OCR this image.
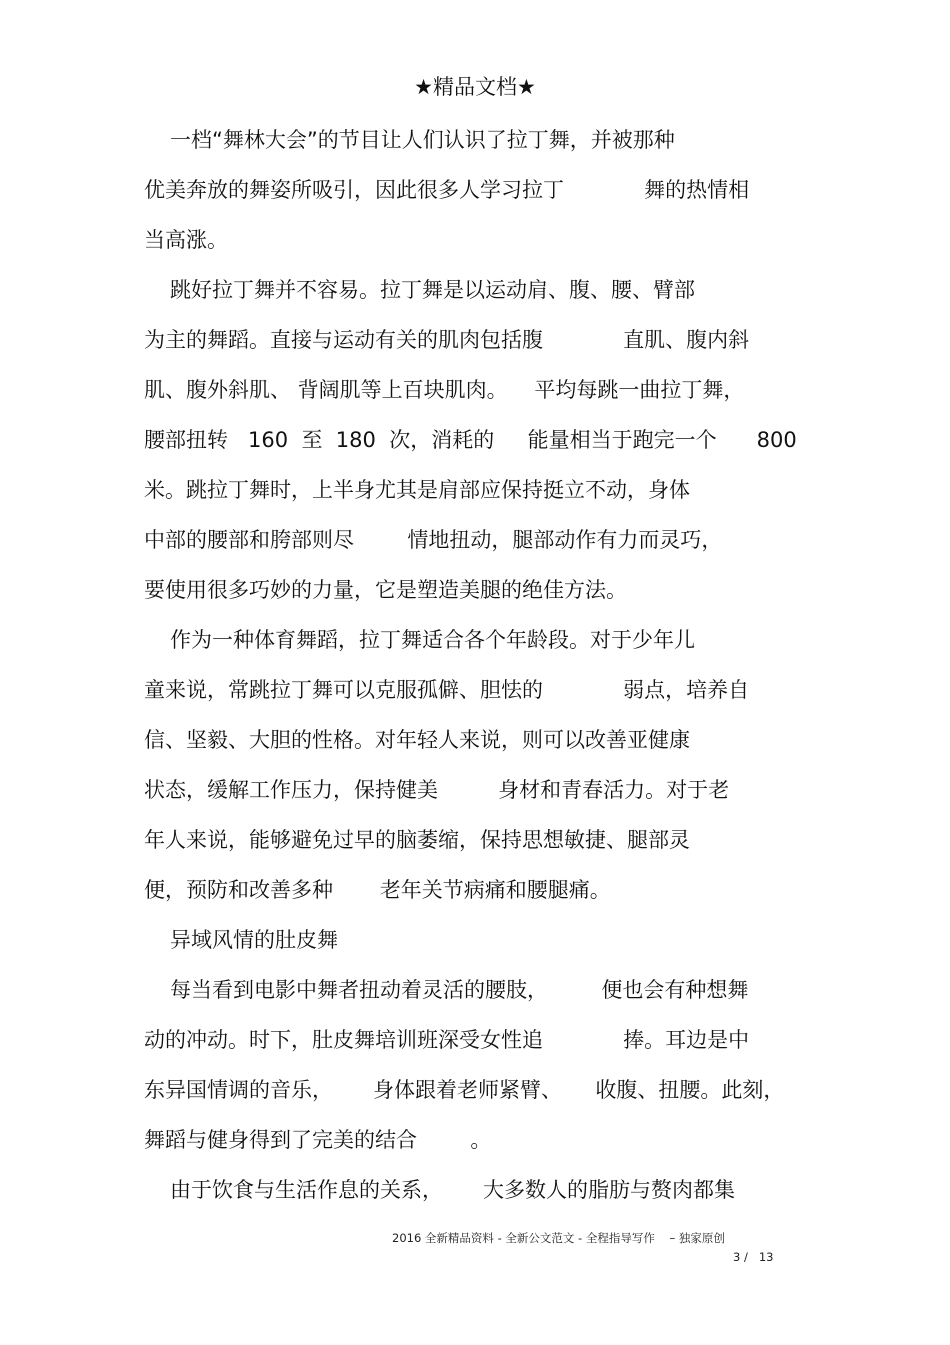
★精品文档★
一档“舞林大会”的节目让人们认识了拉丁舞，并被那种
优美奔放的舞姿所吸引，因此很多人学习拉丁            舞的热情相
当高涨。
跳好拉丁舞并不容易。拉丁舞是以运动肩、腹、腰、臂部
为主的舞蹈。直接与运动有关的肌肉包括腹            直肌、腹内斜
肌、腹外斜肌、 背阔肌等上百块肌肉。    平均每跳一曲拉丁舞，
腰部扭转   160  至  180  次，消耗的     能量相当于跑完一个      800
米。跳拉丁舞时，上半身尤其是肩部应保持挺立不动，身体
中部的腰部和胯部则尽        情地扭动，腿部动作有力而灵巧，
要使用很多巧妙的力量，它是塑造美腿的绝佳方法。
作为一种体育舞蹈，拉丁舞适合各个年龄段。对于少年儿
童来说，常跳拉丁舞可以克服孤僻、胆怯的            弱点，培养自
信、坚毅、大胆的性格。对年轻人来说，则可以改善亚健康
状态，缓解工作压力，保持健美         身材和青春活力。对于老
年人来说，能够避免过早的脑萎缩，保持思想敏捷、腿部灵
便，预防和改善多种       老年关节病痛和腰腿痛。
异域风情的肚皮舞
每当看到电影中舞者扭动着灵活的腰肢，        便也会有种想舞
动的冲动。时下，肚皮舞培训班深受女性追            捧。耳边是中
东异国情调的音乐，      身体跟着老师紧臂、     收腹、扭腰。此刻，
舞蹈与健身得到了完美的结合        。
由于饮食与生活作息的关系，      大多数人的脂肪与赘肉都集
2016 全新精品资料 - 全新公文范文 - 全程指导写作    – 独家原创
3 /   13
